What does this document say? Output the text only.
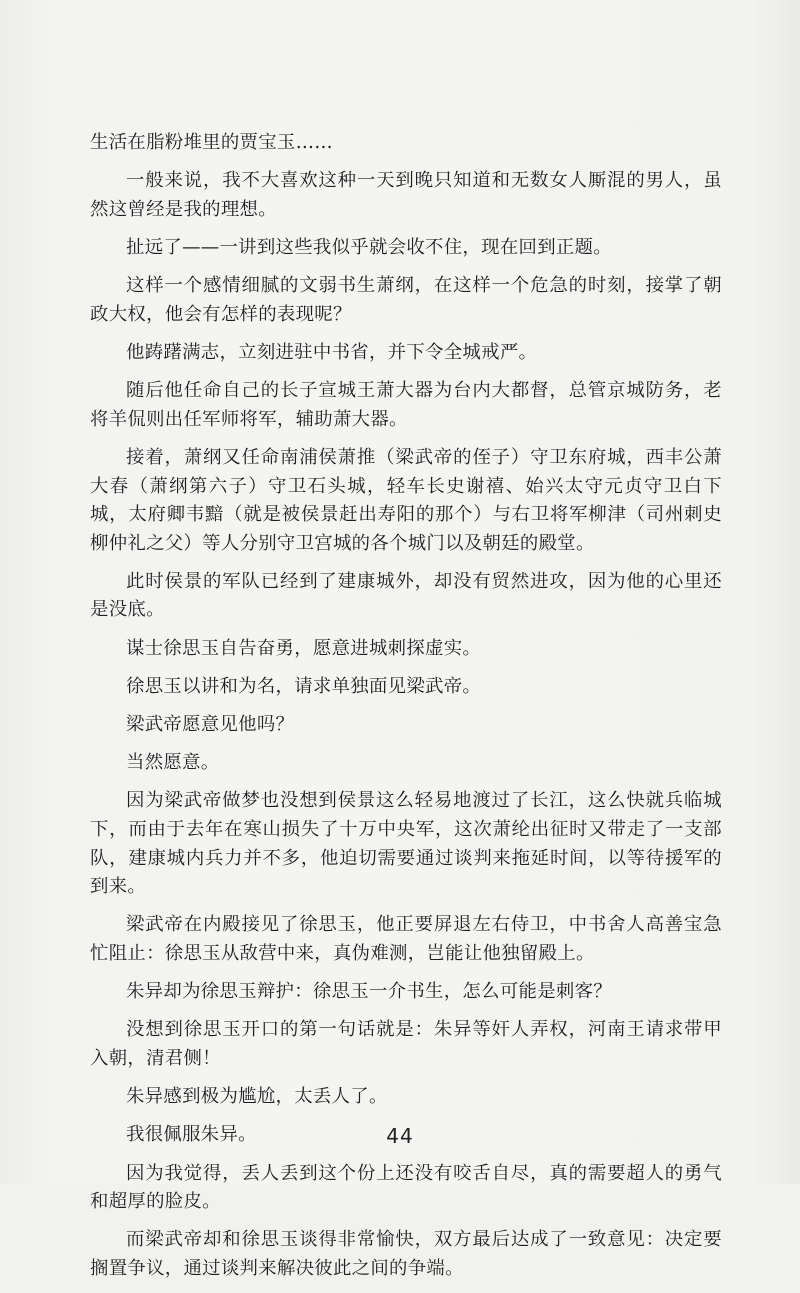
生活在脂粉堆里的贾宝玉……

一般来说，我不大喜欢这种一天到晚只知道和无数女人厮混的男人，虽然这曾经是我的理想。

扯远了——一讲到这些我似乎就会收不住，现在回到正题。

这样一个感情细腻的文弱书生萧纲，在这样一个危急的时刻，接掌了朝政大权，他会有怎样的表现呢？

他踌躇满志，立刻进驻中书省，并下令全城戒严。

随后他任命自己的长子宣城王萧大器为台内大都督，总管京城防务，老将羊侃则出任军师将军，辅助萧大器。

接着，萧纲又任命南浦侯萧推（梁武帝的侄子）守卫东府城，西丰公萧大春（萧纲第六子）守卫石头城，轻车长史谢禧、始兴太守元贞守卫白下城，太府卿韦黯（就是被侯景赶出寿阳的那个）与右卫将军柳津（司州刺史柳仲礼之父）等人分别守卫宫城的各个城门以及朝廷的殿堂。

此时侯景的军队已经到了建康城外，却没有贸然进攻，因为他的心里还是没底。

谋士徐思玉自告奋勇，愿意进城刺探虚实。

徐思玉以讲和为名，请求单独面见梁武帝。

梁武帝愿意见他吗？

当然愿意。

因为梁武帝做梦也没想到侯景这么轻易地渡过了长江，这么快就兵临城下，而由于去年在寒山损失了十万中央军，这次萧纶出征时又带走了一支部队，建康城内兵力并不多，他迫切需要通过谈判来拖延时间，以等待援军的到来。

梁武帝在内殿接见了徐思玉，他正要屏退左右侍卫，中书舍人高善宝急忙阻止：徐思玉从敌营中来，真伪难测，岂能让他独留殿上。

朱异却为徐思玉辩护：徐思玉一介书生，怎么可能是刺客？

没想到徐思玉开口的第一句话就是：朱异等奸人弄权，河南王请求带甲入朝，清君侧！

朱异感到极为尴尬，太丢人了。

我很佩服朱异。

因为我觉得，丢人丢到这个份上还没有咬舌自尽，真的需要超人的勇气和超厚的脸皮。

而梁武帝却和徐思玉谈得非常愉快，双方最后达成了一致意见：决定要搁置争议，通过谈判来解决彼此之间的争端。

44
